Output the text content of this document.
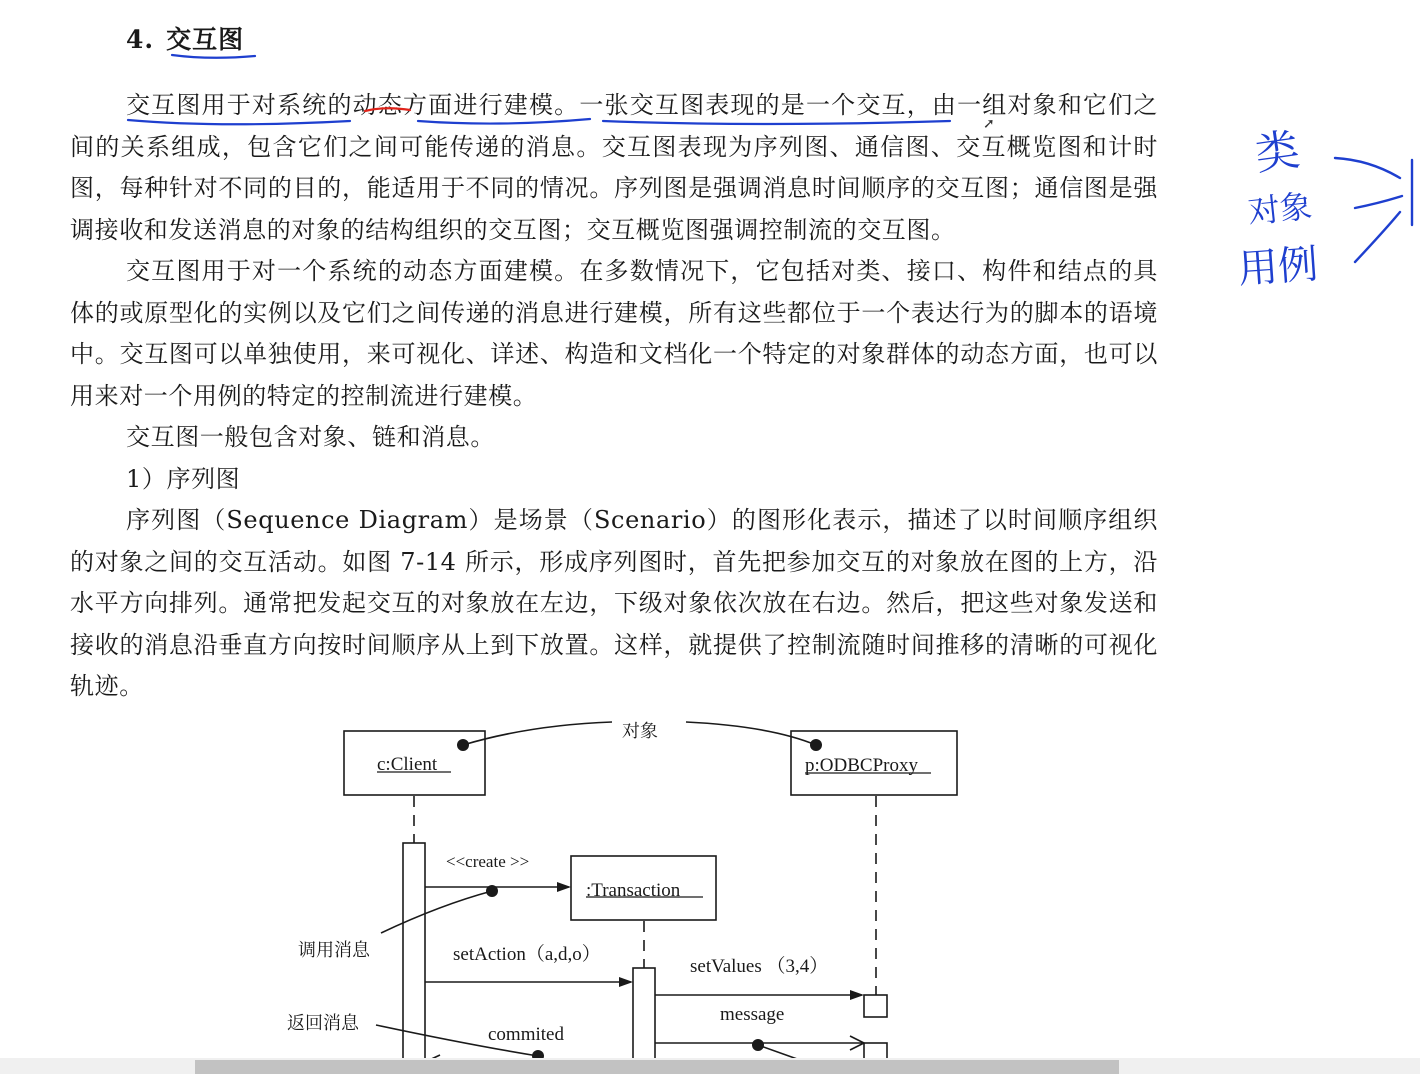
4. 交互图

交互图用于对系统的动态方面进行建模。一张交互图表现的是一个交互，由一组对象和它们之间的关系组成，包含它们之间可能传递的消息。交互图表现为序列图、通信图、交互概览图和计时图，每种针对不同的目的，能适用于不同的情况。序列图是强调消息时间顺序的交互图；通信图是强调接收和发送消息的对象的结构组织的交互图；交互概览图强调控制流的交互图。

交互图用于对一个系统的动态方面建模。在多数情况下，它包括对类、接口、构件和结点的具体的或原型化的实例以及它们之间传递的消息进行建模，所有这些都位于一个表达行为的脚本的语境中。交互图可以单独使用，来可视化、详述、构造和文档化一个特定的对象群体的动态方面，也可以用来对一个用例的特定的控制流进行建模。

交互图一般包含对象、链和消息。

1）序列图

序列图（Sequence Diagram）是场景（Scenario）的图形化表示，描述了以时间顺序组织的对象之间的交互活动。如图 7-14 所示，形成序列图时，首先把参加交互的对象放在图的上方，沿水平方向排列。通常把发起交互的对象放在左边，下级对象依次放在右边。然后，把这些对象发送和接收的消息沿垂直方向按时间顺序从上到下放置。这样，就提供了控制流随时间推移的清晰的可视化轨迹。

类
对象
用例
对象
c:Client	p:ODBCProxy
:Transaction
<<create >>
调用消息	setAction（a,d,o）
setValues （3,4）
message
返回消息
commited
➚
